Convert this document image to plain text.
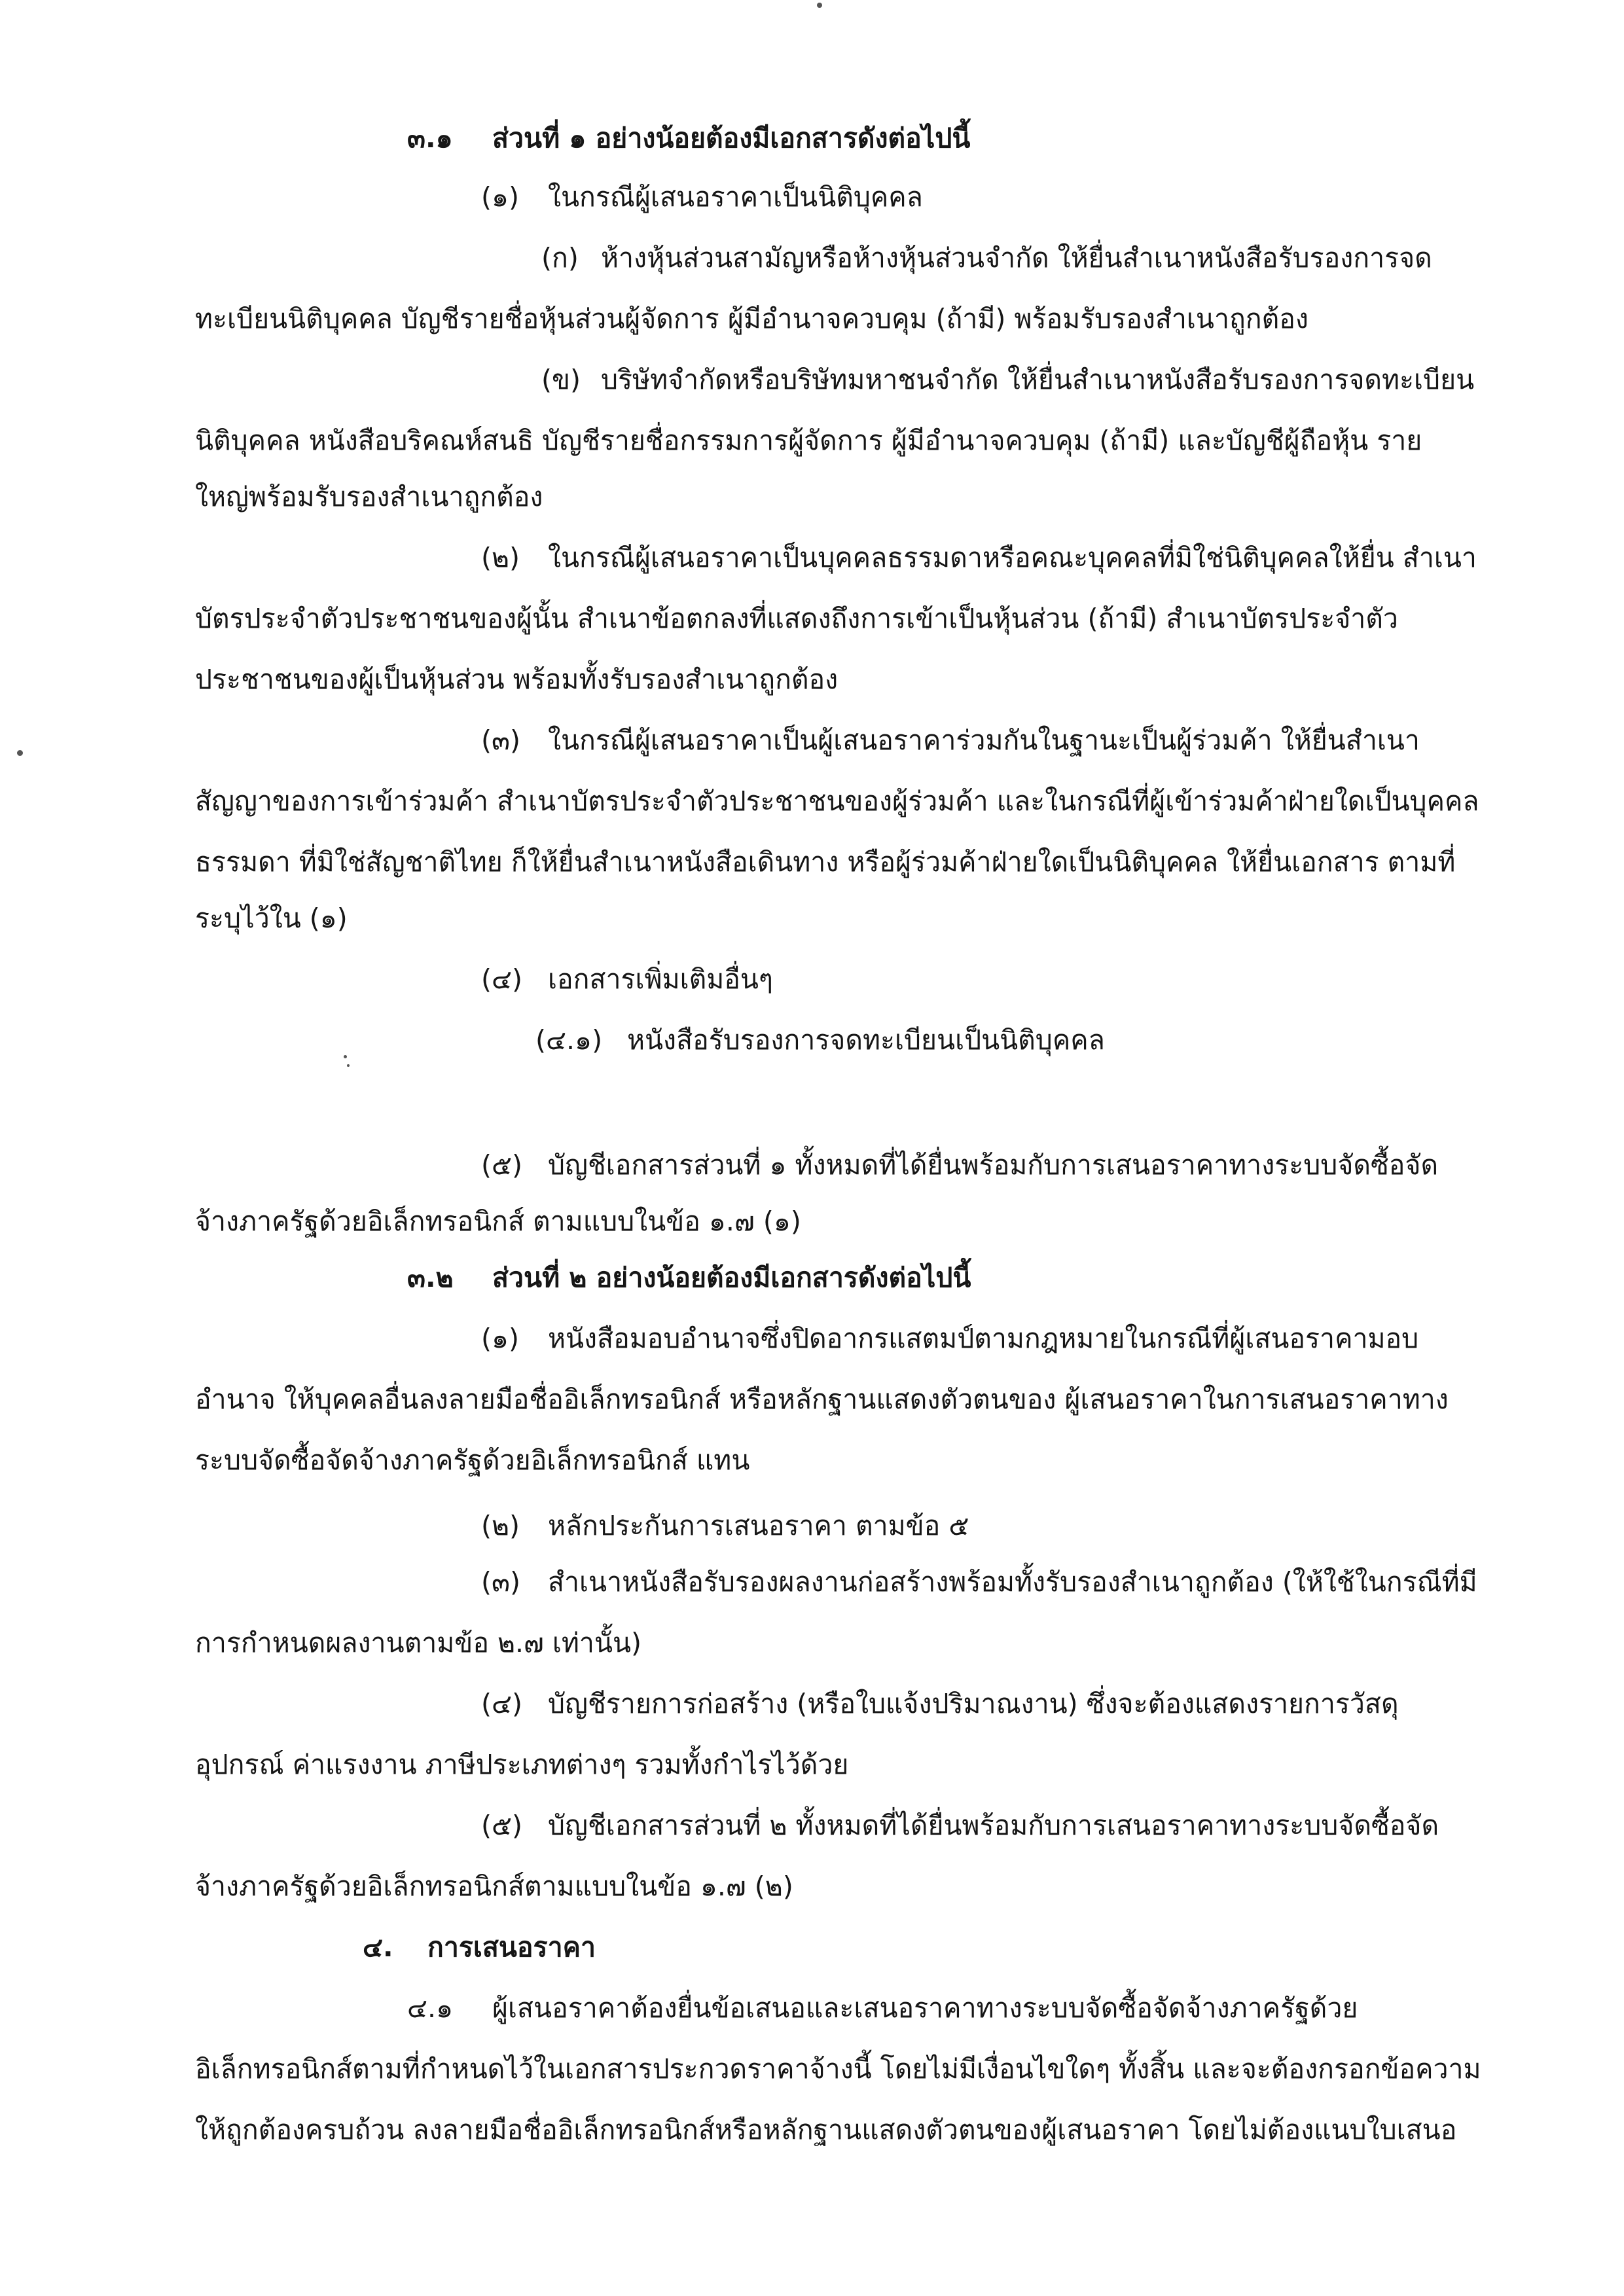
๓.๑ ส่วนที่ ๑ อย่างน้อยต้องมีเอกสารดังต่อไปนี้
(๑) ในกรณีผู้เสนอราคาเป็นนิติบุคคล
(ก) ห้างหุ้นส่วนสามัญหรือห้างหุ้นส่วนจำกัด ให้ยื่นสำเนาหนังสือรับรองการจด
ทะเบียนนิติบุคคล บัญชีรายชื่อหุ้นส่วนผู้จัดการ ผู้มีอำนาจควบคุม (ถ้ามี) พร้อมรับรองสำเนาถูกต้อง
(ข) บริษัทจำกัดหรือบริษัทมหาชนจำกัด ให้ยื่นสำเนาหนังสือรับรองการจดทะเบียน
นิติบุคคล หนังสือบริคณห์สนธิ บัญชีรายชื่อกรรมการผู้จัดการ ผู้มีอำนาจควบคุม (ถ้ามี) และบัญชีผู้ถือหุ้น ราย
ใหญ่พร้อมรับรองสำเนาถูกต้อง
(๒) ในกรณีผู้เสนอราคาเป็นบุคคลธรรมดาหรือคณะบุคคลที่มิใช่นิติบุคคลให้ยื่น สำเนา
บัตรประจำตัวประชาชนของผู้นั้น สำเนาข้อตกลงที่แสดงถึงการเข้าเป็นหุ้นส่วน (ถ้ามี) สำเนาบัตรประจำตัว
ประชาชนของผู้เป็นหุ้นส่วน พร้อมทั้งรับรองสำเนาถูกต้อง
(๓) ในกรณีผู้เสนอราคาเป็นผู้เสนอราคาร่วมกันในฐานะเป็นผู้ร่วมค้า ให้ยื่นสำเนา
สัญญาของการเข้าร่วมค้า สำเนาบัตรประจำตัวประชาชนของผู้ร่วมค้า และในกรณีที่ผู้เข้าร่วมค้าฝ่ายใดเป็นบุคคล
ธรรมดา ที่มิใช่สัญชาติไทย ก็ให้ยื่นสำเนาหนังสือเดินทาง หรือผู้ร่วมค้าฝ่ายใดเป็นนิติบุคคล ให้ยื่นเอกสาร ตามที่
ระบุไว้ใน (๑)
(๔) เอกสารเพิ่มเติมอื่นๆ
(๔.๑) หนังสือรับรองการจดทะเบียนเป็นนิติบุคคล
(๕) บัญชีเอกสารส่วนที่ ๑ ทั้งหมดที่ได้ยื่นพร้อมกับการเสนอราคาทางระบบจัดซื้อจัด
จ้างภาครัฐด้วยอิเล็กทรอนิกส์ ตามแบบในข้อ ๑.๗ (๑)
๓.๒ ส่วนที่ ๒ อย่างน้อยต้องมีเอกสารดังต่อไปนี้
(๑) หนังสือมอบอำนาจซึ่งปิดอากรแสตมป์ตามกฎหมายในกรณีที่ผู้เสนอราคามอบ
อำนาจ ให้บุคคลอื่นลงลายมือชื่ออิเล็กทรอนิกส์ หรือหลักฐานแสดงตัวตนของ ผู้เสนอราคาในการเสนอราคาทาง
ระบบจัดซื้อจัดจ้างภาครัฐด้วยอิเล็กทรอนิกส์ แทน
(๒) หลักประกันการเสนอราคา ตามข้อ ๕
(๓) สำเนาหนังสือรับรองผลงานก่อสร้างพร้อมทั้งรับรองสำเนาถูกต้อง (ให้ใช้ในกรณีที่มี
การกำหนดผลงานตามข้อ ๒.๗ เท่านั้น)
(๔) บัญชีรายการก่อสร้าง (หรือใบแจ้งปริมาณงาน) ซึ่งจะต้องแสดงรายการวัสดุ
อุปกรณ์ ค่าแรงงาน ภาษีประเภทต่างๆ รวมทั้งกำไรไว้ด้วย
(๕) บัญชีเอกสารส่วนที่ ๒ ทั้งหมดที่ได้ยื่นพร้อมกับการเสนอราคาทางระบบจัดซื้อจัด
จ้างภาครัฐด้วยอิเล็กทรอนิกส์ตามแบบในข้อ ๑.๗ (๒)
๔. การเสนอราคา
๔.๑ ผู้เสนอราคาต้องยื่นข้อเสนอและเสนอราคาทางระบบจัดซื้อจัดจ้างภาครัฐด้วย
อิเล็กทรอนิกส์ตามที่กำหนดไว้ในเอกสารประกวดราคาจ้างนี้ โดยไม่มีเงื่อนไขใดๆ ทั้งสิ้น และจะต้องกรอกข้อความ
ให้ถูกต้องครบถ้วน ลงลายมือชื่ออิเล็กทรอนิกส์หรือหลักฐานแสดงตัวตนของผู้เสนอราคา โดยไม่ต้องแนบใบเสนอ
